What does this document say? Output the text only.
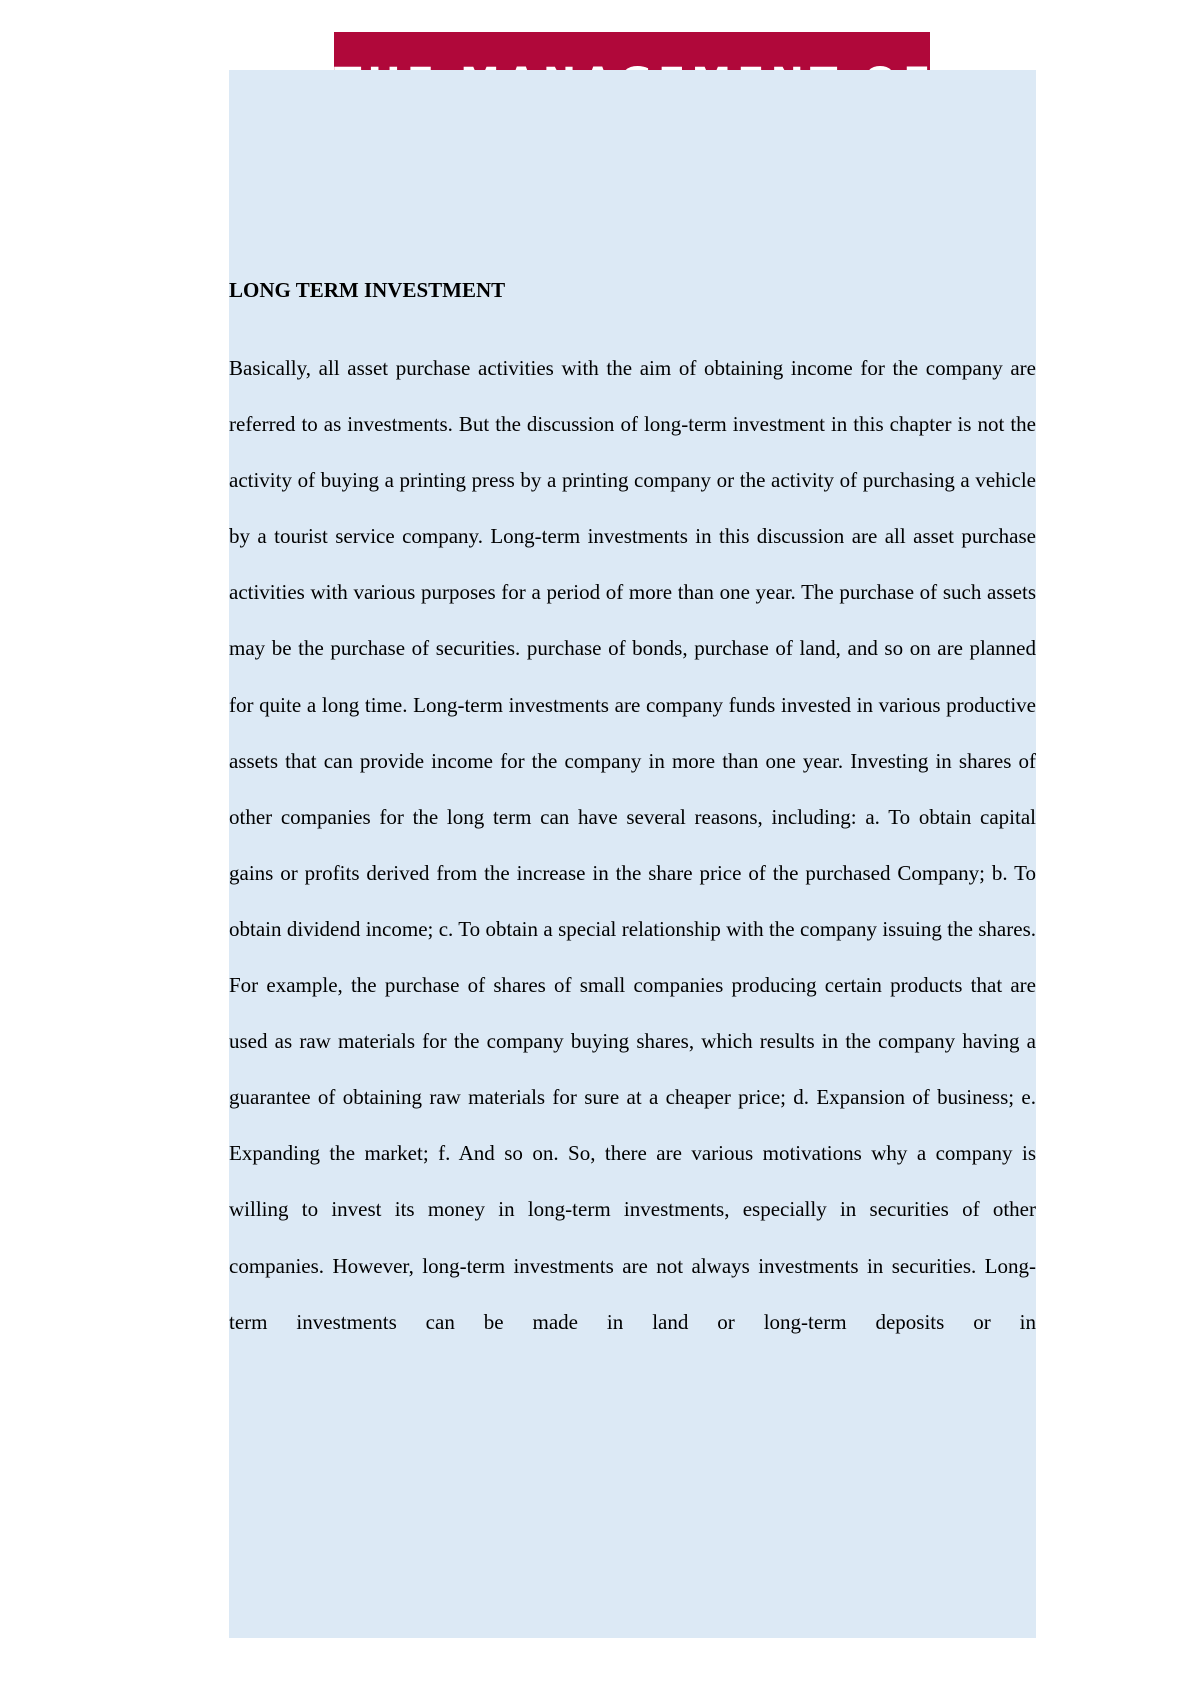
LONG TERM INVESTMENT

Basically, all asset purchase activities with the aim of obtaining income for the company are referred to as investments. But the discussion of long-term investment in this chapter is not the activity of buying a printing press by a printing company or the activity of purchasing a vehicle by a tourist service company. Long-term investments in this discussion are all asset purchase activities with various purposes for a period of more than one year. The purchase of such assets may be the purchase of securities. purchase of bonds, purchase of land, and so on are planned for quite a long time. Long-term investments are company funds invested in various productive assets that can provide income for the company in more than one year. Investing in shares of other companies for the long term can have several reasons, including: a. To obtain capital gains or profits derived from the increase in the share price of the purchased Company; b. To obtain dividend income; c. To obtain a special relationship with the company issuing the shares. For example, the purchase of shares of small companies producing certain products that are used as raw materials for the company buying shares, which results in the company having a guarantee of obtaining raw materials for sure at a cheaper price; d. Expansion of business; e. Expanding the market; f. And so on. So, there are various motivations why a company is willing to invest its money in long-term investments, especially in securities of other companies. However, long-term investments are not always investments in securities. Long-term investments can be made in land or long-term deposits or in
